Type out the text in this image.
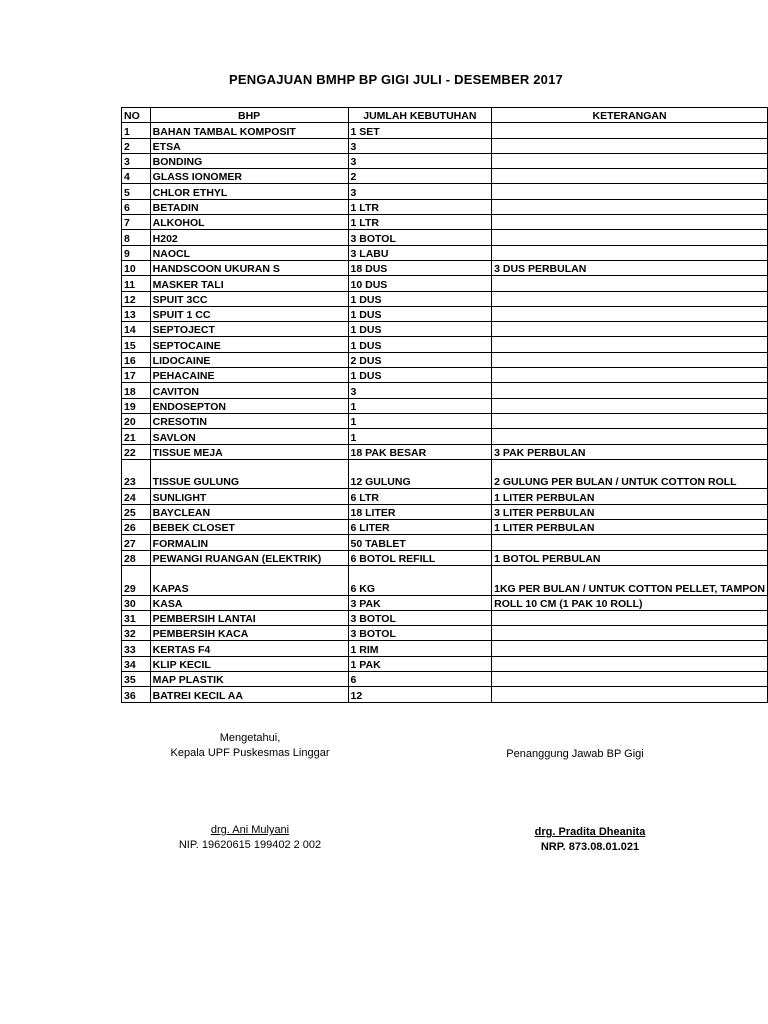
PENGAJUAN BMHP BP GIGI JULI - DESEMBER 2017
NO	BHP	JUMLAH KEBUTUHAN	KETERANGAN
1	BAHAN TAMBAL KOMPOSIT	1 SET	
2	ETSA	3	
3	BONDING	3	
4	GLASS IONOMER	2	
5	CHLOR ETHYL	3	
6	BETADIN	1 LTR	
7	ALKOHOL	1 LTR	
8	H202	3 BOTOL	
9	NAOCL	3 LABU	
10	HANDSCOON UKURAN S	18 DUS	3 DUS PERBULAN
11	MASKER TALI	10 DUS	
12	SPUIT 3CC	1 DUS	
13	SPUIT 1 CC	1 DUS	
14	SEPTOJECT	1 DUS	
15	SEPTOCAINE	1 DUS	
16	LIDOCAINE	2 DUS	
17	PEHACAINE	1 DUS	
18	CAVITON	3	
19	ENDOSEPTON	1	
20	CRESOTIN	1	
21	SAVLON	1	
22	TISSUE MEJA	18 PAK BESAR	3 PAK PERBULAN
23	TISSUE GULUNG	12 GULUNG	2 GULUNG PER BULAN / UNTUK COTTON ROLL
24	SUNLIGHT	6 LTR	1 LITER PERBULAN
25	BAYCLEAN	18 LITER	3 LITER PERBULAN
26	BEBEK CLOSET	6 LITER	1 LITER PERBULAN
27	FORMALIN	50 TABLET	
28	PEWANGI RUANGAN (ELEKTRIK)	6 BOTOL REFILL	1 BOTOL PERBULAN
29	KAPAS	6 KG	1KG PER BULAN / UNTUK COTTON PELLET, TAMPON
30	KASA	3 PAK	ROLL 10 CM (1 PAK 10 ROLL)
31	PEMBERSIH LANTAI	3 BOTOL	
32	PEMBERSIH KACA	3 BOTOL	
33	KERTAS F4	1 RIM	
34	KLIP KECIL	1 PAK	
35	MAP PLASTIK	6	
36	BATREI KECIL AA	12	
Mengetahui,
Kepala UPF Puskesmas Linggar	Penanggung Jawab BP Gigi
drg. Ani Mulyani
NIP. 19620615 199402 2 002
drg. Pradita Dheanita
NRP. 873.08.01.021
